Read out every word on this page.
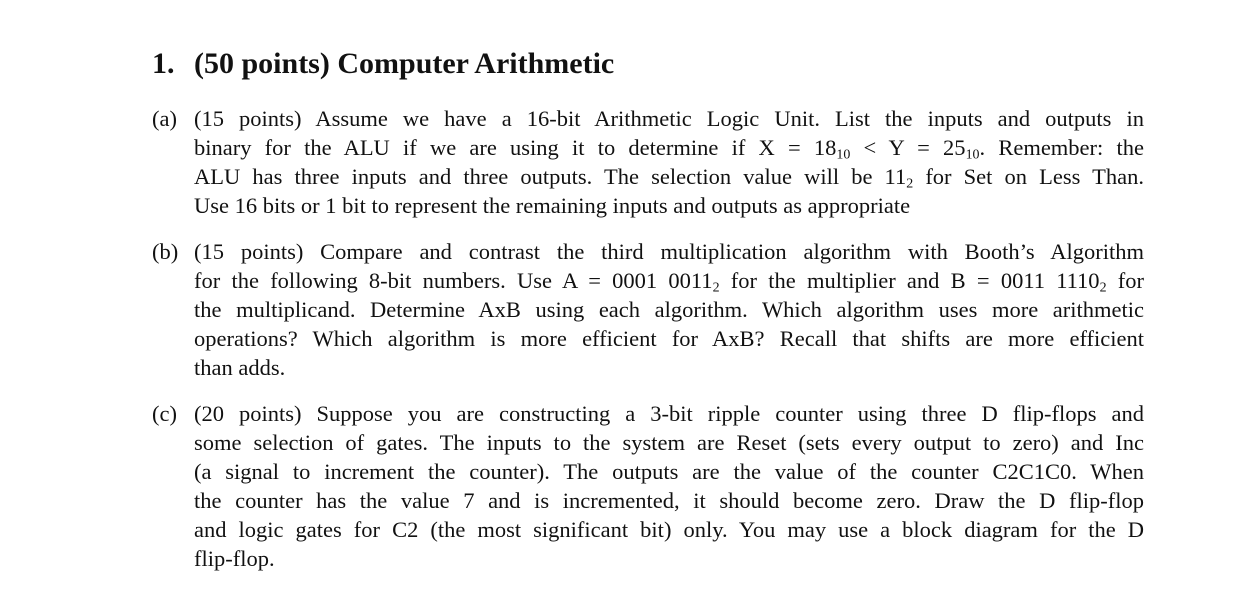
1. (50 points) Computer Arithmetic
(a) (15 points) Assume we have a 16-bit Arithmetic Logic Unit. List the inputs and outputs in
binary for the ALU if we are using it to determine if $X = 18_{10} < Y = 25_{10}$. Remember: the
ALU has three inputs and three outputs. The selection value will be $11_2$ for Set on Less Than.
Use 16 bits or 1 bit to represent the remaining inputs and outputs as appropriate
(b) (15 points) Compare and contrast the third multiplication algorithm with Booth’s Algorithm
for the following 8-bit numbers. Use A = 0001 $0011_2$ for the multiplier and B = 0011 $1110_2$ for
the multiplicand. Determine AxB using each algorithm. Which algorithm uses more arithmetic
operations? Which algorithm is more efficient for AxB? Recall that shifts are more efficient
than adds.
(c) (20 points) Suppose you are constructing a 3-bit ripple counter using three D flip-flops and
some selection of gates. The inputs to the system are Reset (sets every output to zero) and Inc
(a signal to increment the counter). The outputs are the value of the counter C2C1C0. When
the counter has the value 7 and is incremented, it should become zero. Draw the D flip-flop
and logic gates for C2 (the most significant bit) only. You may use a block diagram for the D
flip-flop.
